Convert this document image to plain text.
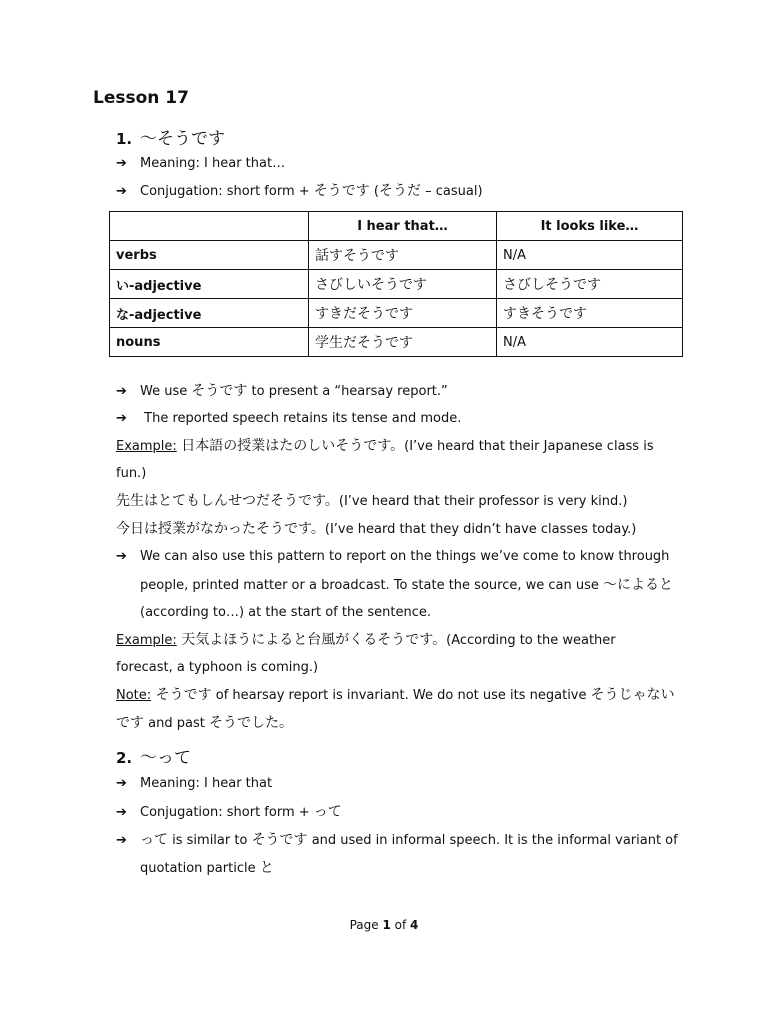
Lesson 17
1. 〜そうです
➔ Meaning: I hear that…
➔ Conjugation: short form + そうです (そうだ – casual)
	I hear that…	It looks like…
verbs	話すそうです	N/A
い-adjective	さびしいそうです	さびしそうです
な-adjective	すきだそうです	すきそうです
nouns	学生だそうです	N/A
➔ We use そうです to present a “hearsay report.”
➔ The reported speech retains its tense and mode.
Example: 日本語の授業はたのしいそうです。(I’ve heard that their Japanese class is
fun.)
先生はとてもしんせつだそうです。(I’ve heard that their professor is very kind.)
今日は授業がなかったそうです。(I’ve heard that they didn’t have classes today.)
➔ We can also use this pattern to report on the things we’ve come to know through
people, printed matter or a broadcast. To state the source, we can use 〜によると
(according to…) at the start of the sentence.
Example: 天気よほうによると台風がくるそうです。(According to the weather
forecast, a typhoon is coming.)
Note: そうです of hearsay report is invariant. We do not use its negative そうじゃない
です and past そうでした。
2. 〜って
➔ Meaning: I hear that
➔ Conjugation: short form + って
➔ って is similar to そうです and used in informal speech. It is the informal variant of
quotation particle と
Page 1 of 4
